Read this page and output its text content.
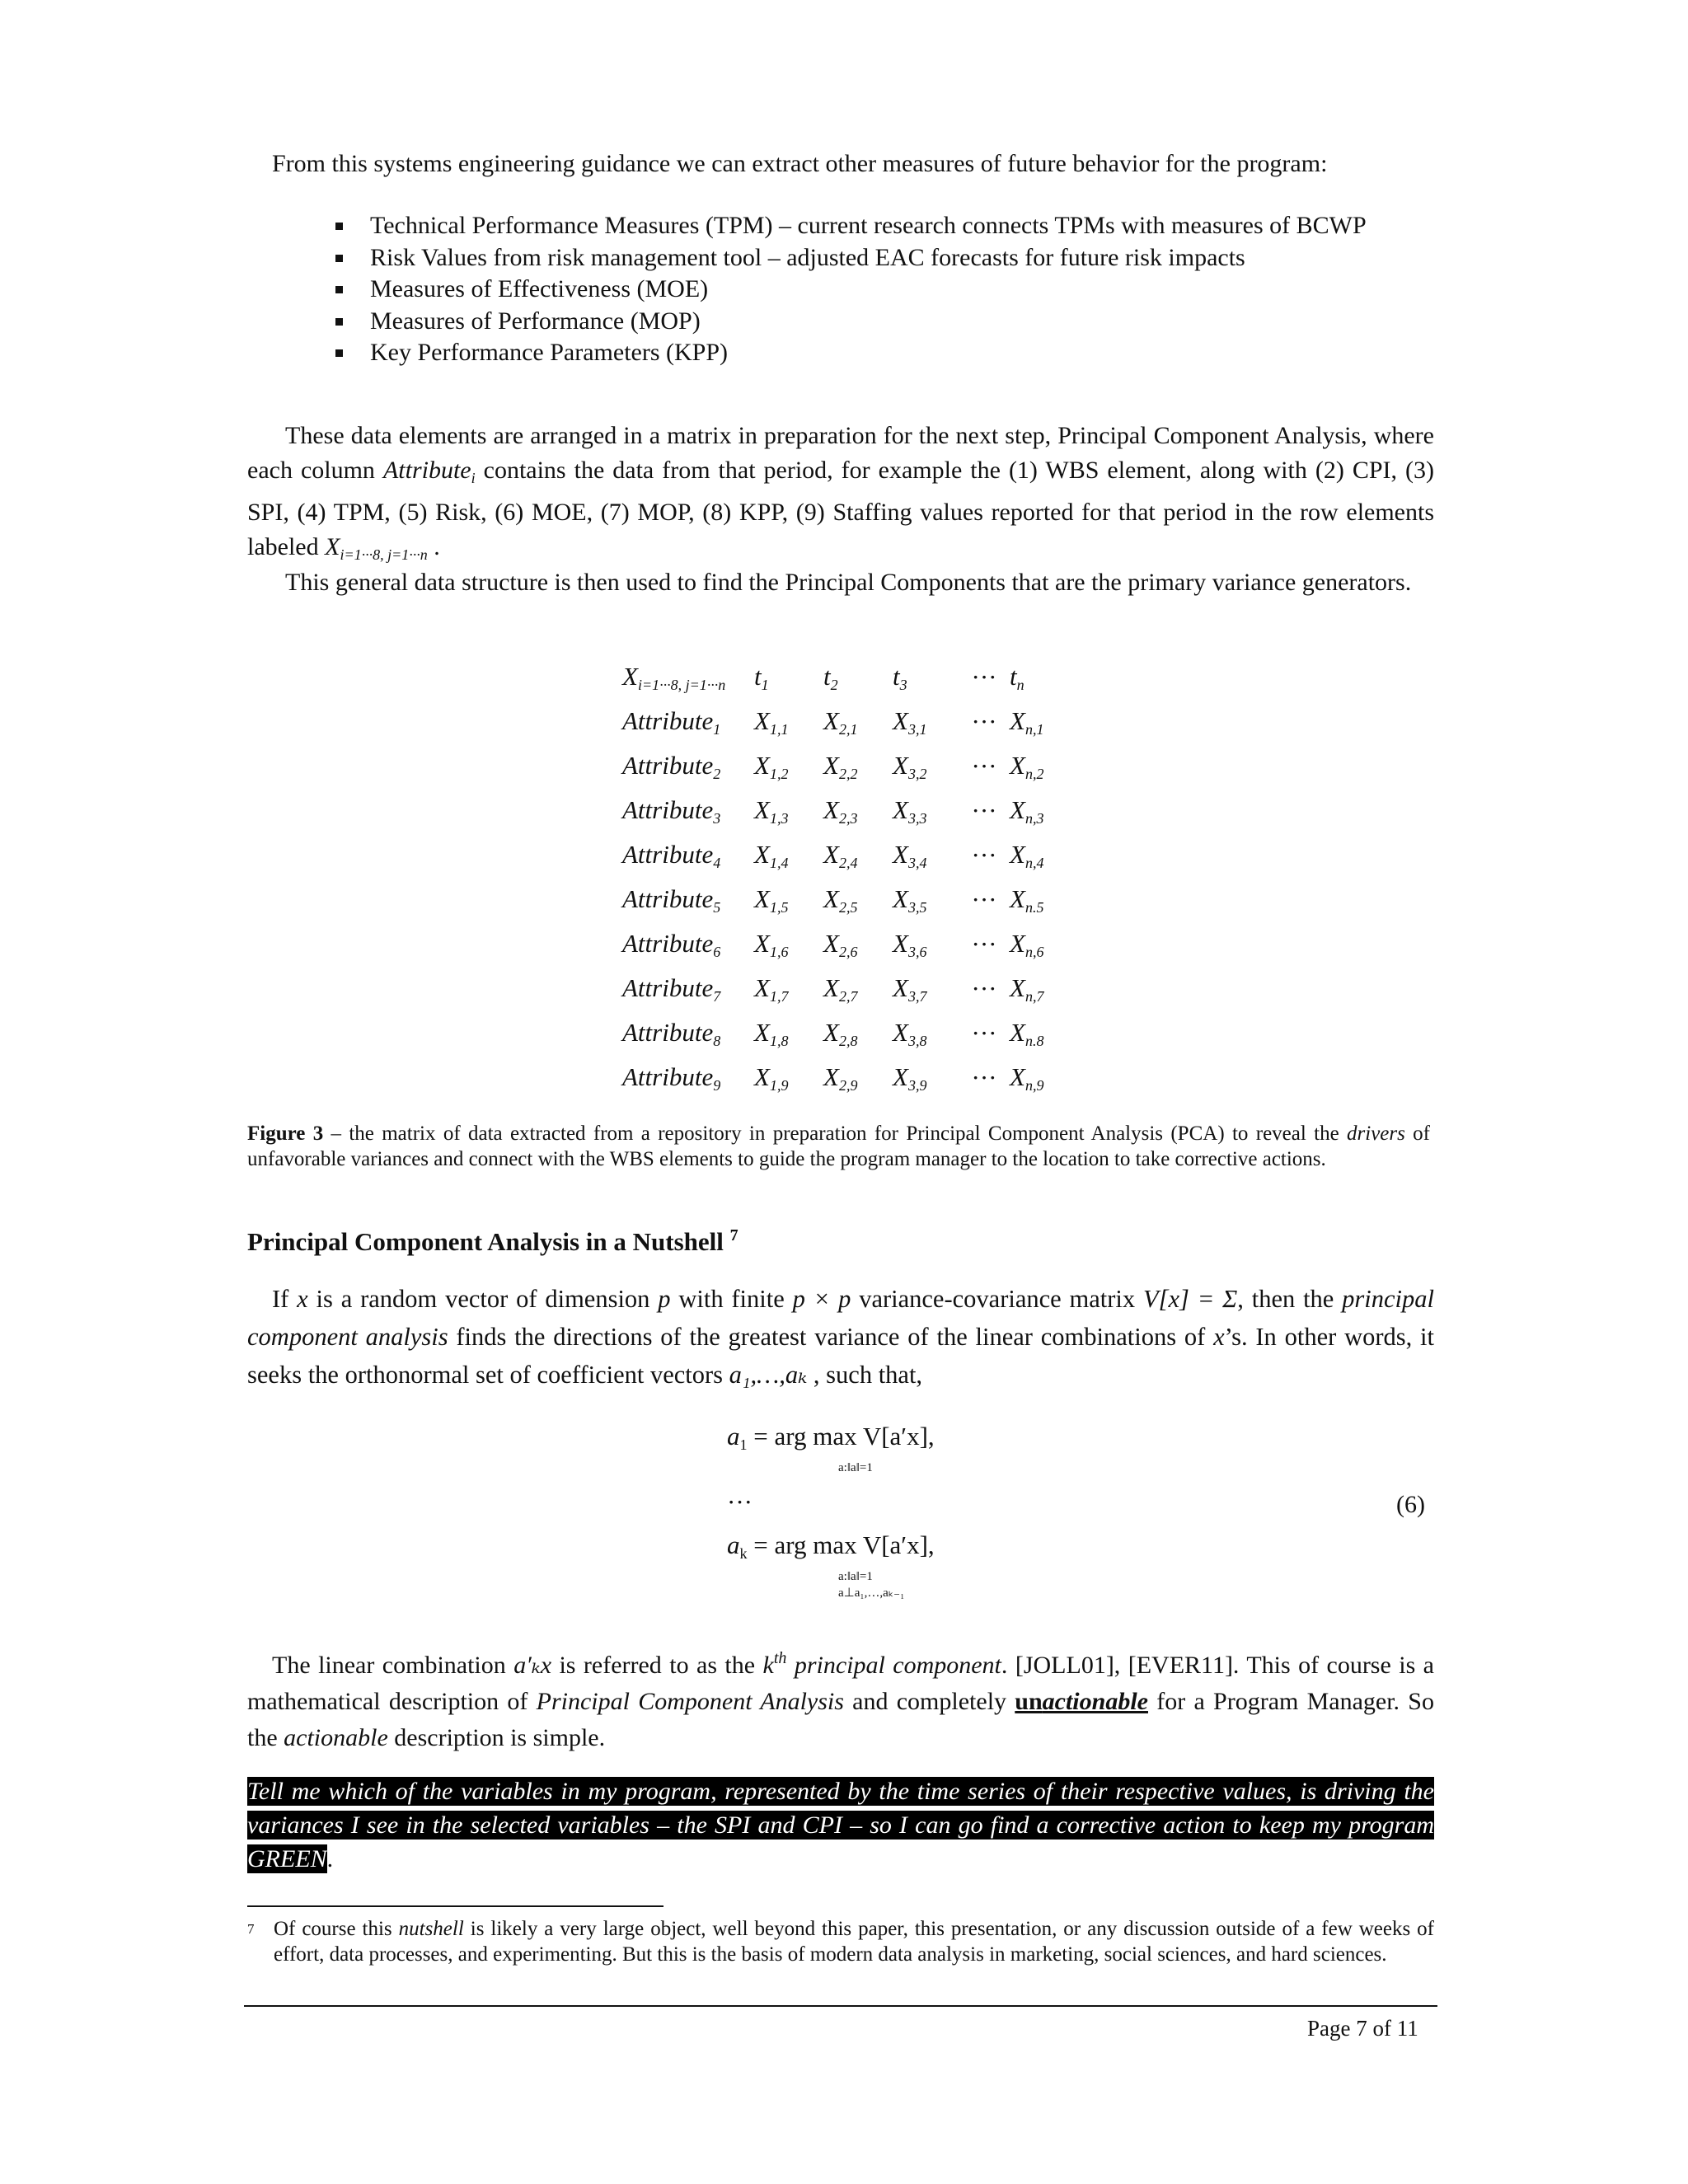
From this systems engineering guidance we can extract other measures of future behavior for the program:
Technical Performance Measures (TPM) – current research connects TPMs with measures of BCWP
Risk Values from risk management tool – adjusted EAC forecasts for future risk impacts
Measures of Effectiveness (MOE)
Measures of Performance (MOP)
Key Performance Parameters (KPP)
These data elements are arranged in a matrix in preparation for the next step, Principal Component Analysis, where each column Attribute$_i$ contains the data from that period, for example the (1) WBS element, along with (2) CPI, (3) SPI, (4) TPM, (5) Risk, (6) MOE, (7) MOP, (8) KPP, (9) Staffing values reported for that period in the row elements labeled $X_{i=1\cdot\cdot\cdot 8, j=1\cdot\cdot\cdot n}$ .
This general data structure is then used to find the Principal Components that are the primary variance generators.
Xi=1···8, j=1···n	t1	t2	t3	···	tn
Attribute1	X1,1	X2,1	X3,1	···	Xn,1
Attribute2	X1,2	X2,2	X3,2	···	Xn,2
Attribute3	X1,3	X2,3	X3,3	···	Xn,3
Attribute4	X1,4	X2,4	X3,4	···	Xn,4
Attribute5	X1,5	X2,5	X3,5	···	Xn.5
Attribute6	X1,6	X2,6	X3,6	···	Xn,6
Attribute7	X1,7	X2,7	X3,7	···	Xn,7
Attribute8	X1,8	X2,8	X3,8	···	Xn.8
Attribute9	X1,9	X2,9	X3,9	···	Xn,9
Figure 3 – the matrix of data extracted from a repository in preparation for Principal Component Analysis (PCA) to reveal the drivers of unfavorable variances and connect with the WBS elements to guide the program manager to the location to take corrective actions.
Principal Component Analysis in a Nutshell $^7$
If x is a random vector of dimension p with finite p × p variance-covariance matrix V[x] = Σ, then the principal component analysis finds the directions of the greatest variance of the linear combinations of x’s. In other words, it seeks the orthonormal set of coefficient vectors a₁,…,aₖ , such that,
$a_1$ = arg max V[a′x],
a:‖a‖=1
···
$a_k$ = arg max V[a′x],
a:‖a‖=1
a⊥a₁,…,aₖ₋₁
(6)
The linear combination a′ₖx is referred to as the $k^{th}$ principal component. [JOLL01], [EVER11]. This of course is a mathematical description of Principal Component Analysis and completely unactionable for a Program Manager. So the actionable description is simple.
Tell me which of the variables in my program, represented by the time series of their respective values, is driving the variances I see in the selected variables – the SPI and CPI – so I can go find a corrective action to keep my program GREEN.
7 Of course this nutshell is likely a very large object, well beyond this paper, this presentation, or any discussion outside of a few weeks of effort, data processes, and experimenting. But this is the basis of modern data analysis in marketing, social sciences, and hard sciences.
Page 7 of 11
